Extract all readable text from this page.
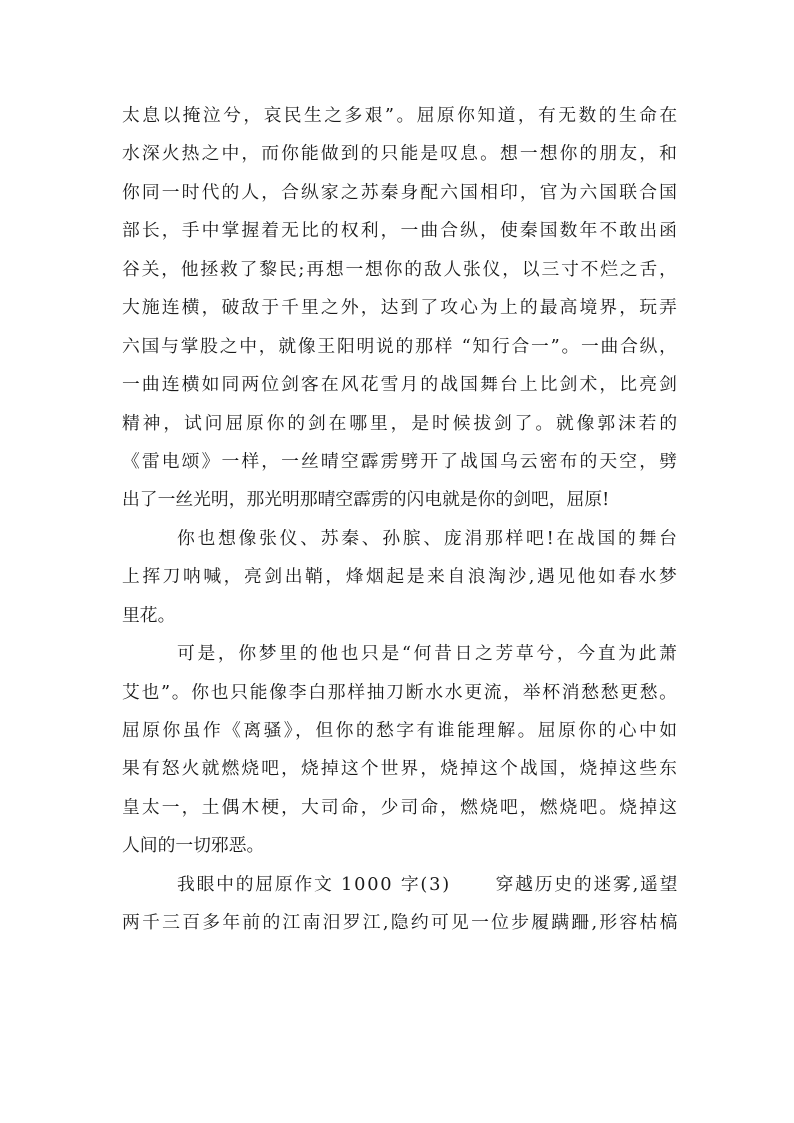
太息以掩泣兮，哀民生之多艰”。屈原你知道，有无数的生命在
水深火热之中，而你能做到的只能是叹息。想一想你的朋友，和
你同一时代的人，合纵家之苏秦身配六国相印，官为六国联合国
部长，手中掌握着无比的权利，一曲合纵，使秦国数年不敢出函
谷关，他拯救了黎民;再想一想你的敌人张仪，以三寸不烂之舌，
大施连横，破敌于千里之外，达到了攻心为上的最高境界，玩弄
六国与掌股之中，就像王阳明说的那样 “知行合一”。一曲合纵，
一曲连横如同两位剑客在风花雪月的战国舞台上比剑术，比亮剑
精神，试问屈原你的剑在哪里，是时候拔剑了。就像郭沫若的
《雷电颂》一样，一丝晴空霹雳劈开了战国乌云密布的天空，劈
出了一丝光明，那光明那晴空霹雳的闪电就是你的剑吧，屈原!
你也想像张仪、苏秦、孙膑、庞涓那样吧!在战国的舞台
上挥刀呐喊，亮剑出鞘，烽烟起是来自浪淘沙,遇见他如春水梦
里花。
可是，你梦里的他也只是“何昔日之芳草兮，今直为此萧
艾也”。你也只能像李白那样抽刀断水水更流，举杯消愁愁更愁。
屈原你虽作《离骚》，但你的愁字有谁能理解。屈原你的心中如
果有怒火就燃烧吧，烧掉这个世界，烧掉这个战国，烧掉这些东
皇太一，土偶木梗，大司命，少司命，燃烧吧，燃烧吧。烧掉这
人间的一切邪恶。
我眼中的屈原作文 1000 字(3)      穿越历史的迷雾,遥望
两千三百多年前的江南汨罗江,隐约可见一位步履蹒跚,形容枯槁
